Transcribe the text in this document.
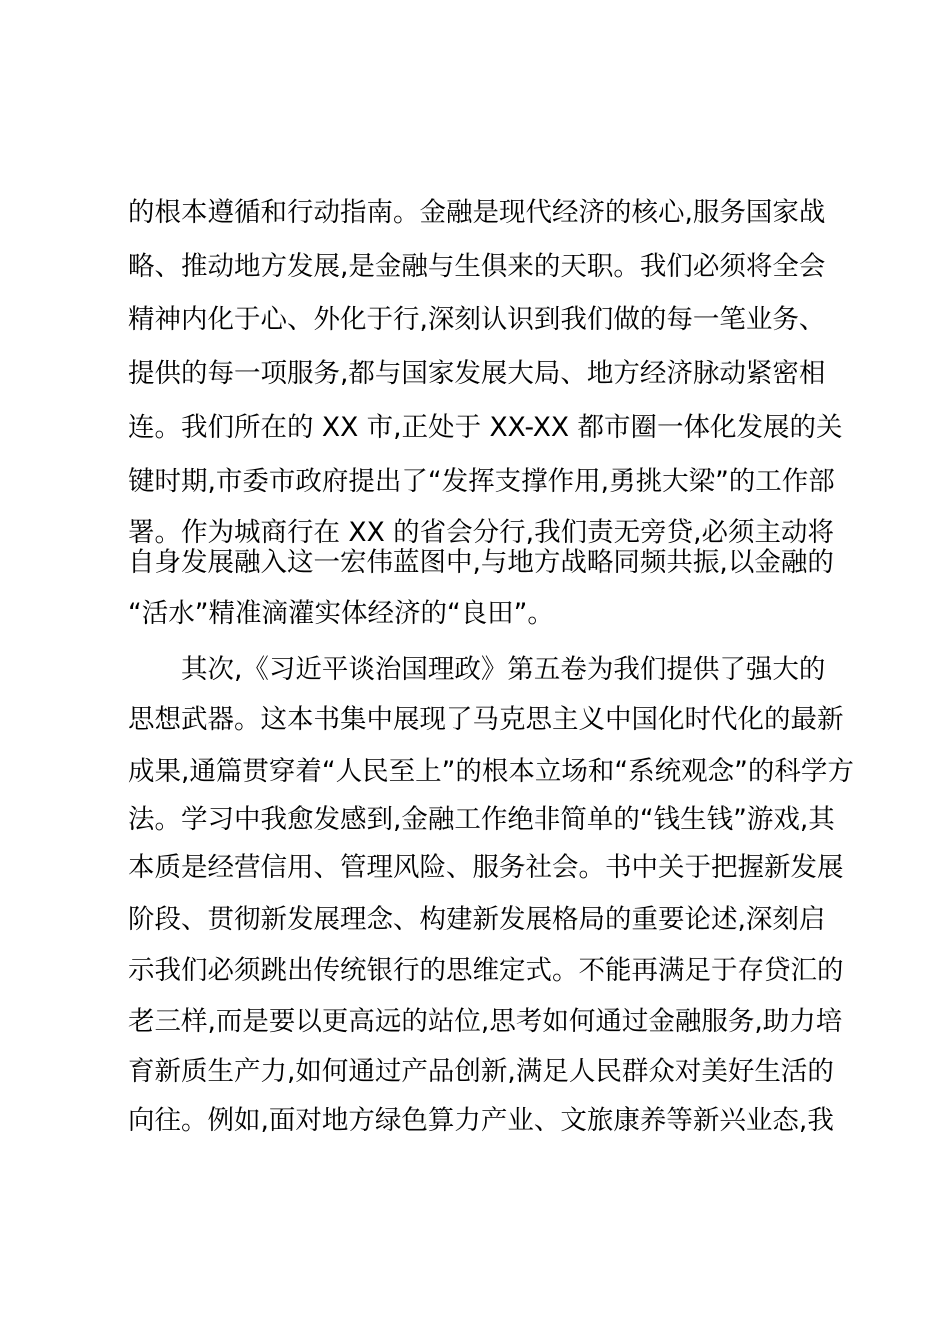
的根本遵循和行动指南。金融是现代经济的核心,服务国家战
略、推动地方发展,是金融与生俱来的天职。我们必须将全会
精神内化于心、外化于行,深刻认识到我们做的每一笔业务、
提供的每一项服务,都与国家发展大局、地方经济脉动紧密相
连。我们所在的 XX 市,正处于 XX-XX 都市圈一体化发展的关
键时期,市委市政府提出了“发挥支撑作用,勇挑大梁”的工作部
署。作为城商行在 XX 的省会分行,我们责无旁贷,必须主动将
自身发展融入这一宏伟蓝图中,与地方战略同频共振,以金融的
“活水”精准滴灌实体经济的“良田”。
其次,《习近平谈治国理政》第五卷为我们提供了强大的
思想武器。这本书集中展现了马克思主义中国化时代化的最新
成果,通篇贯穿着“人民至上”的根本立场和“系统观念”的科学方
法。学习中我愈发感到,金融工作绝非简单的“钱生钱”游戏,其
本质是经营信用、管理风险、服务社会。书中关于把握新发展
阶段、贯彻新发展理念、构建新发展格局的重要论述,深刻启
示我们必须跳出传统银行的思维定式。不能再满足于存贷汇的
老三样,而是要以更高远的站位,思考如何通过金融服务,助力培
育新质生产力,如何通过产品创新,满足人民群众对美好生活的
向往。例如,面对地方绿色算力产业、文旅康养等新兴业态,我
